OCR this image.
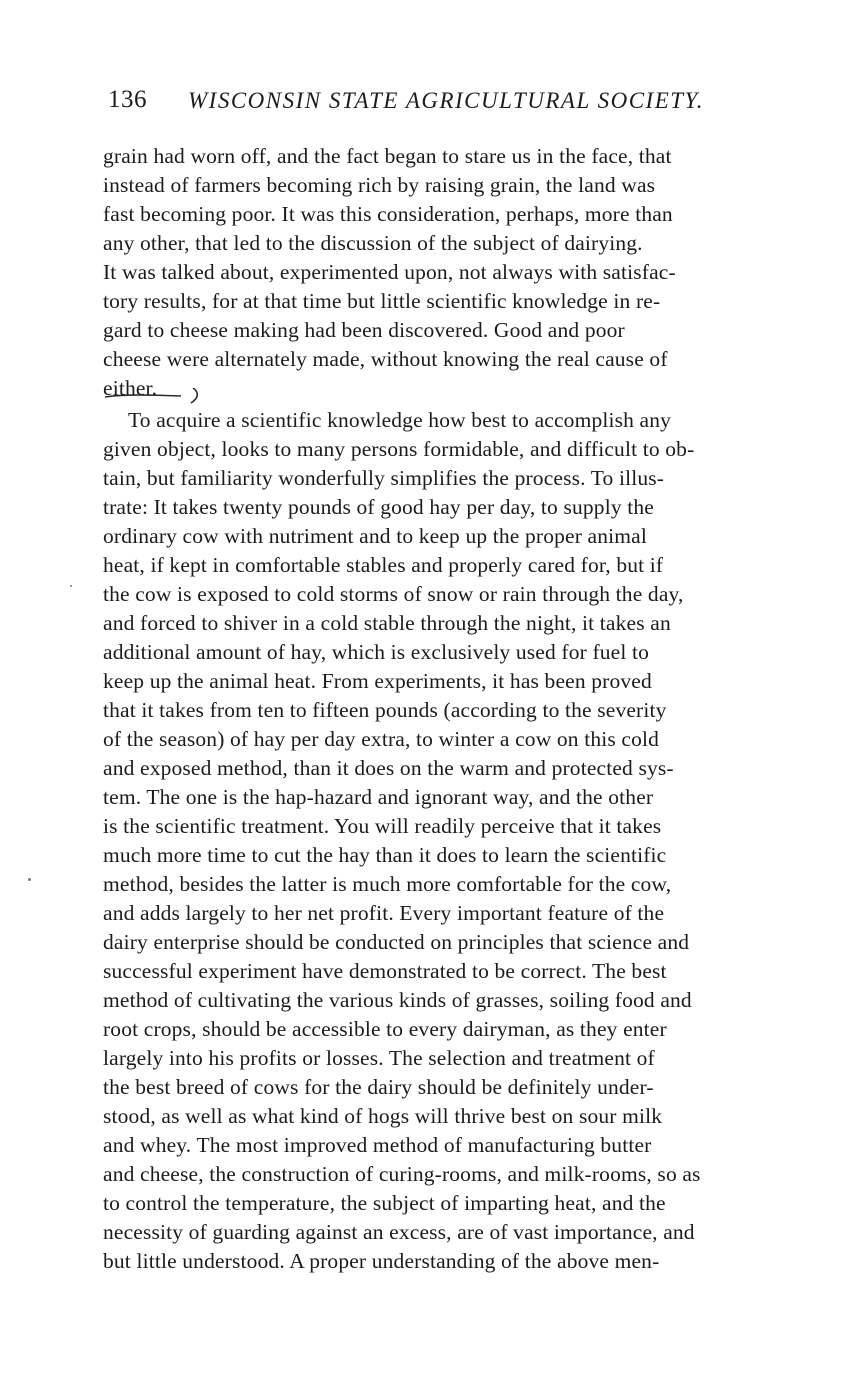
136 WISCONSIN STATE AGRICULTURAL SOCIETY.
grain had worn off, and the fact began to stare us in the face, that
instead of farmers becoming rich by raising grain, the land was
fast becoming poor. It was this consideration, perhaps, more than
any other, that led to the discussion of the subject of dairying.
It was talked about, experimented upon, not always with satisfac-
tory results, for at that time but little scientific knowledge in re-
gard to cheese making had been discovered. Good and poor
cheese were alternately made, without knowing the real cause of
either.
To acquire a scientific knowledge how best to accomplish any
given object, looks to many persons formidable, and difficult to ob-
tain, but familiarity wonderfully simplifies the process. To illus-
trate: It takes twenty pounds of good hay per day, to supply the
ordinary cow with nutriment and to keep up the proper animal
heat, if kept in comfortable stables and properly cared for, but if
the cow is exposed to cold storms of snow or rain through the day,
and forced to shiver in a cold stable through the night, it takes an
additional amount of hay, which is exclusively used for fuel to
keep up the animal heat. From experiments, it has been proved
that it takes from ten to fifteen pounds (according to the severity
of the season) of hay per day extra, to winter a cow on this cold
and exposed method, than it does on the warm and protected sys-
tem. The one is the hap-hazard and ignorant way, and the other
is the scientific treatment. You will readily perceive that it takes
much more time to cut the hay than it does to learn the scientific
method, besides the latter is much more comfortable for the cow,
and adds largely to her net profit. Every important feature of the
dairy enterprise should be conducted on principles that science and
successful experiment have demonstrated to be correct. The best
method of cultivating the various kinds of grasses, soiling food and
root crops, should be accessible to every dairyman, as they enter
largely into his profits or losses. The selection and treatment of
the best breed of cows for the dairy should be definitely under-
stood, as well as what kind of hogs will thrive best on sour milk
and whey. The most improved method of manufacturing butter
and cheese, the construction of curing-rooms, and milk-rooms, so as
to control the temperature, the subject of imparting heat, and the
necessity of guarding against an excess, are of vast importance, and
but little understood. A proper understanding of the above men-
